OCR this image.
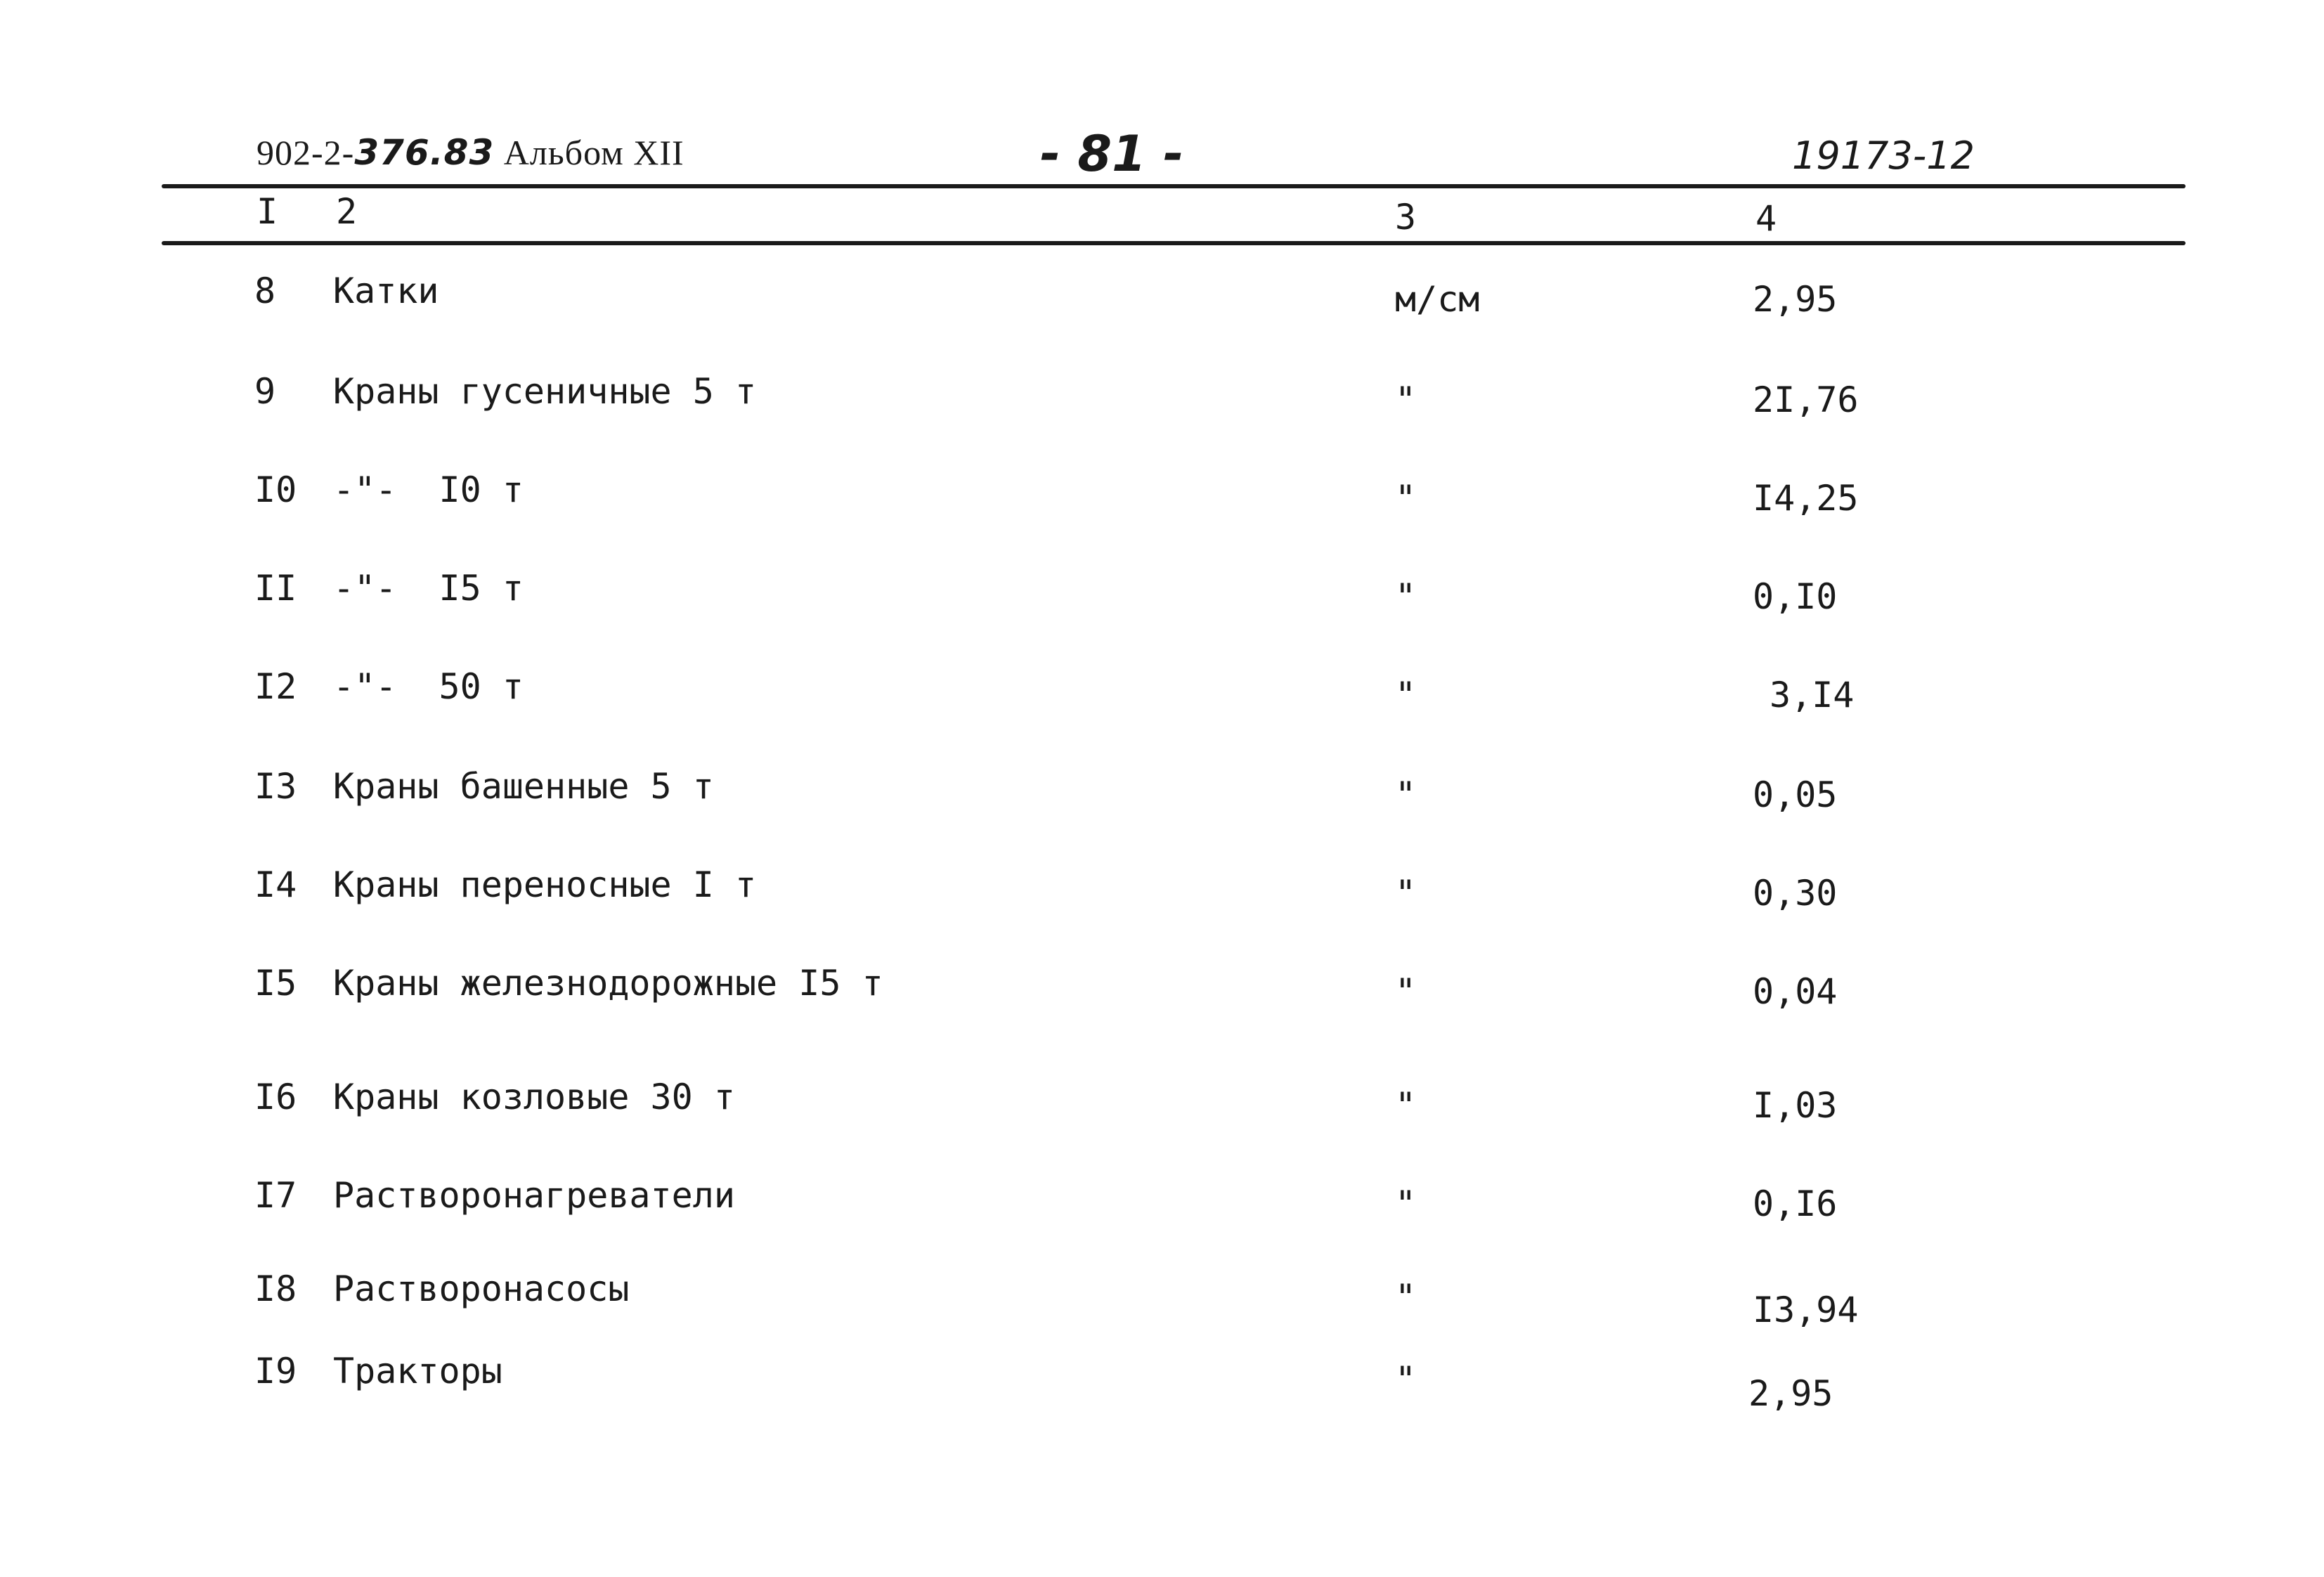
902-2-376.83 Альбом XII	- 81 -	19173-12
I 2	3	4
8 Катки	м/см	2,95
9 Краны гусеничные 5 т	"	2I,76
I0 -"-  I0 т	"	I4,25
II -"-  I5 т	"	0,I0
I2 -"-  50 т	"	3,I4
I3 Краны башенные 5 т	"	0,05
I4 Краны переносные I т	"	0,30
I5 Краны железнодорожные I5 т	"	0,04
I6 Краны козловые 30 т	"	I,03
I7 Растворонагреватели	"	0,I6
I8 Растворонасосы	"	I3,94
I9 Тракторы	"	2,95
